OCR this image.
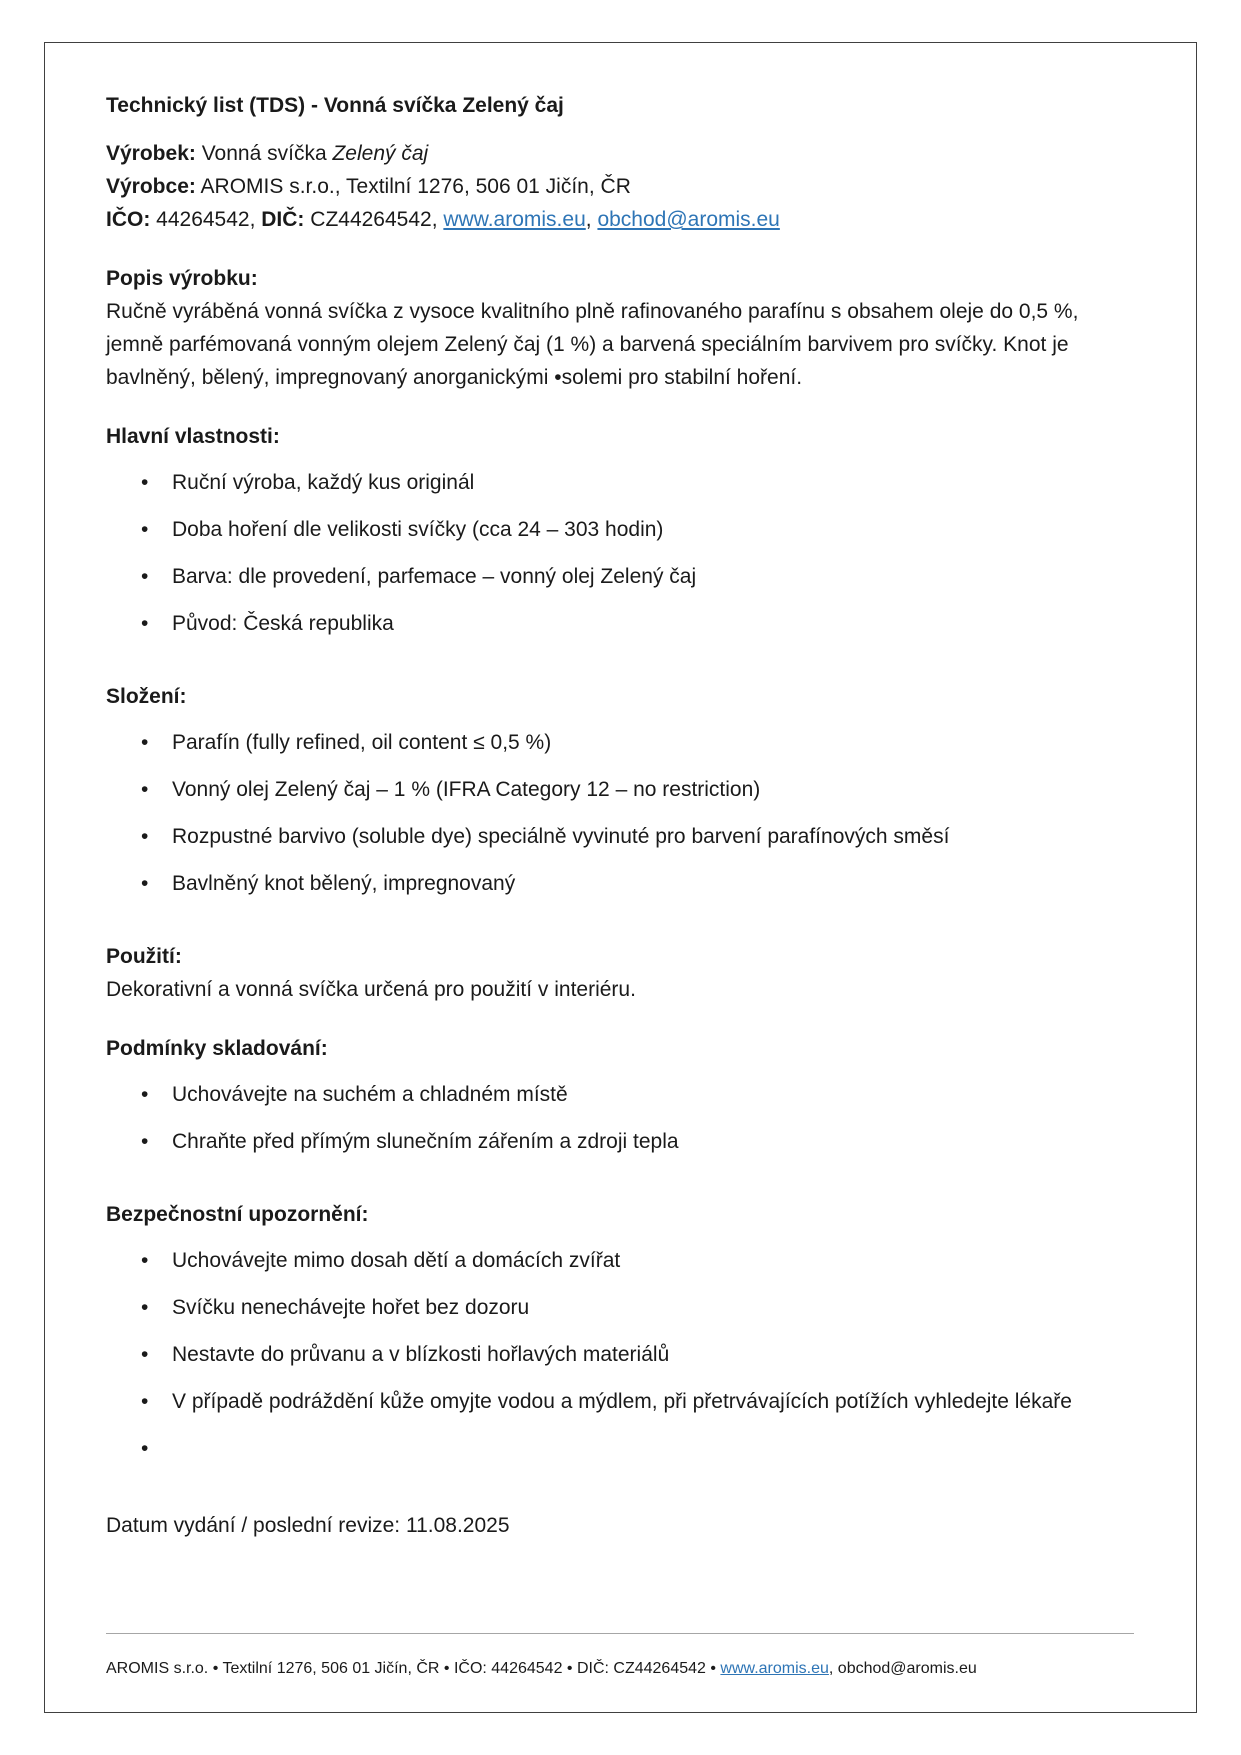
Technický list (TDS) - Vonná svíčka Zelený čaj

Výrobek: Vonná svíčka Zelený čaj

Výrobce: AROMIS s.r.o., Textilní 1276, 506 01 Jičín, ČR

IČO: 44264542, DIČ: CZ44264542, www.aromis.eu, obchod@aromis.eu

Popis výrobku:

Ručně vyráběná vonná svíčka z vysoce kvalitního plně rafinovaného parafínu s obsahem oleje do 0,5 %, jemně parfémovaná vonným olejem Zelený čaj (1 %) a barvená speciálním barvivem pro svíčky. Knot je bavlněný, bělený, impregnovaný anorganickými •solemi pro stabilní hoření.

Hlavní vlastnosti:

• Ruční výroba, každý kus originál
• Doba hoření dle velikosti svíčky (cca 24 – 303 hodin)
• Barva: dle provedení, parfemace – vonný olej Zelený čaj
• Původ: Česká republika

Složení:

• Parafín (fully refined, oil content ≤ 0,5 %)
• Vonný olej Zelený čaj – 1 % (IFRA Category 12 – no restriction)
• Rozpustné barvivo (soluble dye) speciálně vyvinuté pro barvení parafínových směsí
• Bavlněný knot bělený, impregnovaný

Použití:

Dekorativní a vonná svíčka určená pro použití v interiéru.

Podmínky skladování:

• Uchovávejte na suchém a chladném místě
• Chraňte před přímým slunečním zářením a zdroji tepla

Bezpečnostní upozornění:

• Uchovávejte mimo dosah dětí a domácích zvířat
• Svíčku nenechávejte hořet bez dozoru
• Nestavte do průvanu a v blízkosti hořlavých materiálů
• V případě podráždění kůže omyjte vodou a mýdlem, při přetrvávajících potížích vyhledejte lékaře
•

Datum vydání / poslední revize: 11.08.2025

AROMIS s.r.o. • Textilní 1276, 506 01 Jičín, ČR • IČO: 44264542 • DIČ: CZ44264542 • www.aromis.eu, obchod@aromis.eu
